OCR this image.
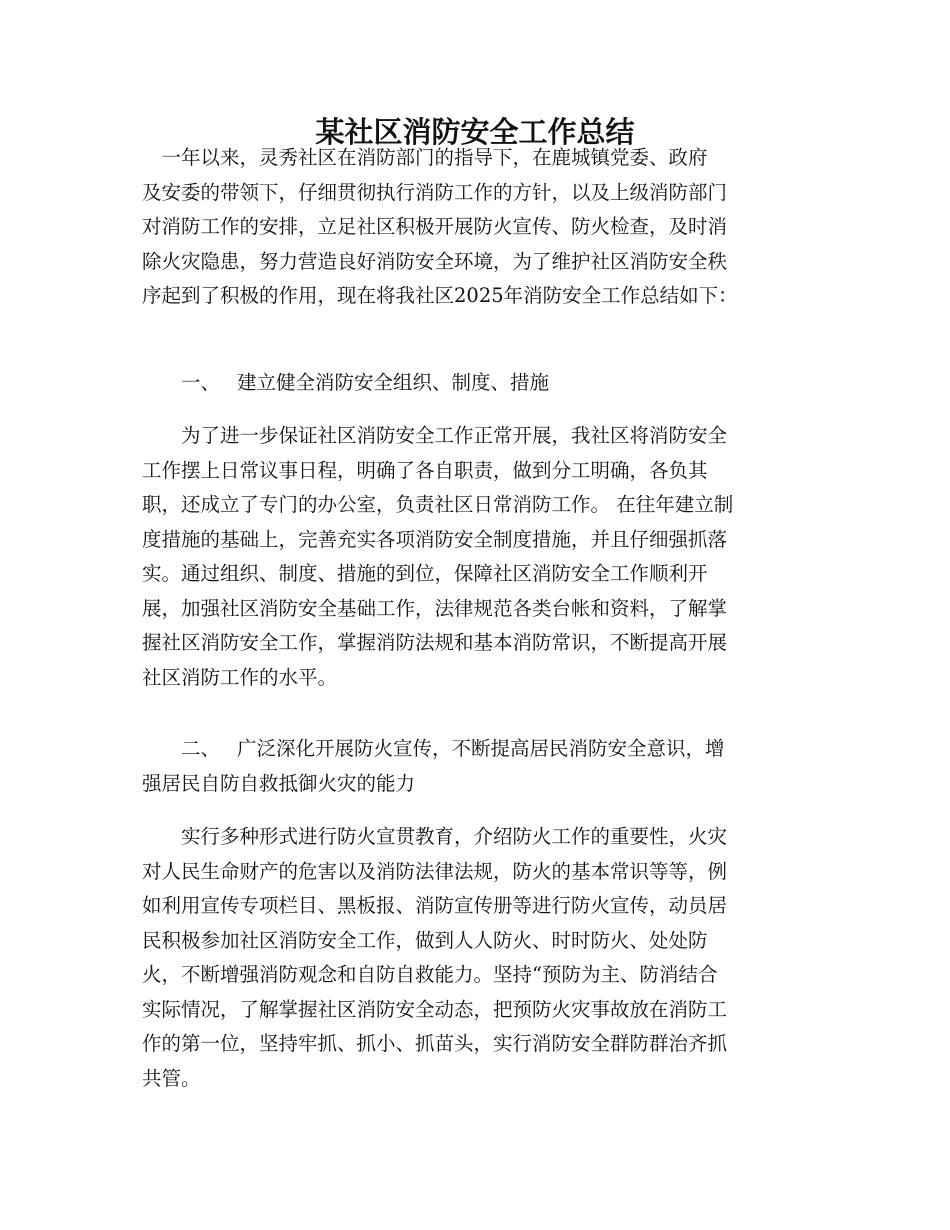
某社区消防安全工作总结

　一年以来，灵秀社区在消防部门的指导下，在鹿城镇党委、政府
及安委的带领下，仔细贯彻执行消防工作的方针，以及上级消防部门
对消防工作的安排，立足社区积极开展防火宣传、防火检查，及时消
除火灾隐患，努力营造良好消防安全环境，为了维护社区消防安全秩
序起到了积极的作用，现在将我社区2025年消防安全工作总结如下：

　　一、 建立健全消防安全组织、制度、措施

　　为了进一步保证社区消防安全工作正常开展，我社区将消防安全
工作摆上日常议事日程，明确了各自职责，做到分工明确，各负其
职，还成立了专门的办公室，负责社区日常消防工作。 在往年建立制
度措施的基础上，完善充实各项消防安全制度措施，并且仔细强抓落
实。通过组织、制度、措施的到位，保障社区消防安全工作顺利开
展，加强社区消防安全基础工作，法律规范各类台帐和资料，了解掌
握社区消防安全工作，掌握消防法规和基本消防常识，不断提高开展
社区消防工作的水平。

　　二、 广泛深化开展防火宣传，不断提高居民消防安全意识，增
强居民自防自救抵御火灾的能力

　　实行多种形式进行防火宣贯教育，介绍防火工作的重要性，火灾
对人民生命财产的危害以及消防法律法规，防火的基本常识等等，例
如利用宣传专项栏目、黑板报、消防宣传册等进行防火宣传，动员居
民积极参加社区消防安全工作，做到人人防火、时时防火、处处防
火，不断增强消防观念和自防自救能力。坚持“预防为主、防消结合
实际情况，了解掌握社区消防安全动态，把预防火灾事故放在消防工
作的第一位，坚持牢抓、抓小、抓苗头，实行消防安全群防群治齐抓
共管。
